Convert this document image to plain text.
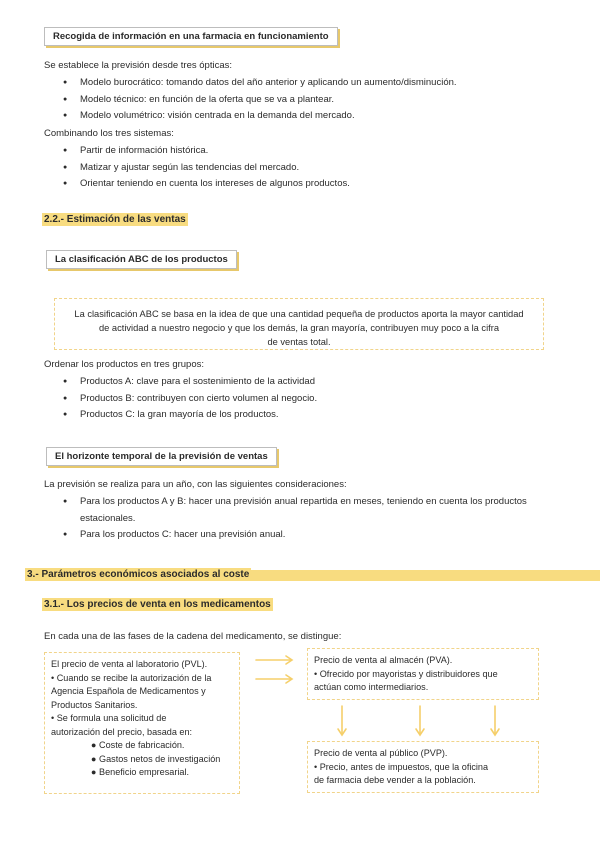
Recogida de información en una farmacia en funcionamiento
Se establece la previsión desde tres ópticas:
● Modelo burocrático: tomando datos del año anterior y aplicando un aumento/disminución.
● Modelo técnico: en función de la oferta que se va a plantear.
● Modelo volumétrico: visión centrada en la demanda del mercado.
Combinando los tres sistemas:
● Partir de información histórica.
● Matizar y ajustar según las tendencias del mercado.
● Orientar teniendo en cuenta los intereses de algunos productos.
2.2.- Estimación de las ventas
La clasificación ABC de los productos
La clasificación ABC se basa en la idea de que una cantidad pequeña de productos aporta la mayor cantidad
de actividad a nuestro negocio y que los demás, la gran mayoría, contribuyen muy poco a la cifra
de ventas total.
Ordenar los productos en tres grupos:
● Productos A: clave para el sostenimiento de la actividad
● Productos B: contribuyen con cierto volumen al negocio.
● Productos C: la gran mayoría de los productos.
El horizonte temporal de la previsión de ventas
La previsión se realiza para un año, con las siguientes consideraciones:
● Para los productos A y B: hacer una previsión anual repartida en meses, teniendo en cuenta los productos
estacionales.
● Para los productos C: hacer una previsión anual.
3.- Parámetros económicos asociados al coste
3.1.- Los precios de venta en los medicamentos
En cada una de las fases de la cadena del medicamento, se distingue:
El precio de venta al laboratorio (PVL).
• Cuando se recibe la autorización de la
Agencia Española de Medicamentos y
Productos Sanitarios.
• Se formula una solicitud de
autorización del precio, basada en:
● Coste de fabricación.
● Gastos netos de investigación
● Beneficio empresarial.
Precio de venta al almacén (PVA).
• Ofrecido por mayoristas y distribuidores que
actúan como intermediarios.
Precio de venta al público (PVP).
• Precio, antes de impuestos, que la oficina
de farmacia debe vender a la población.
